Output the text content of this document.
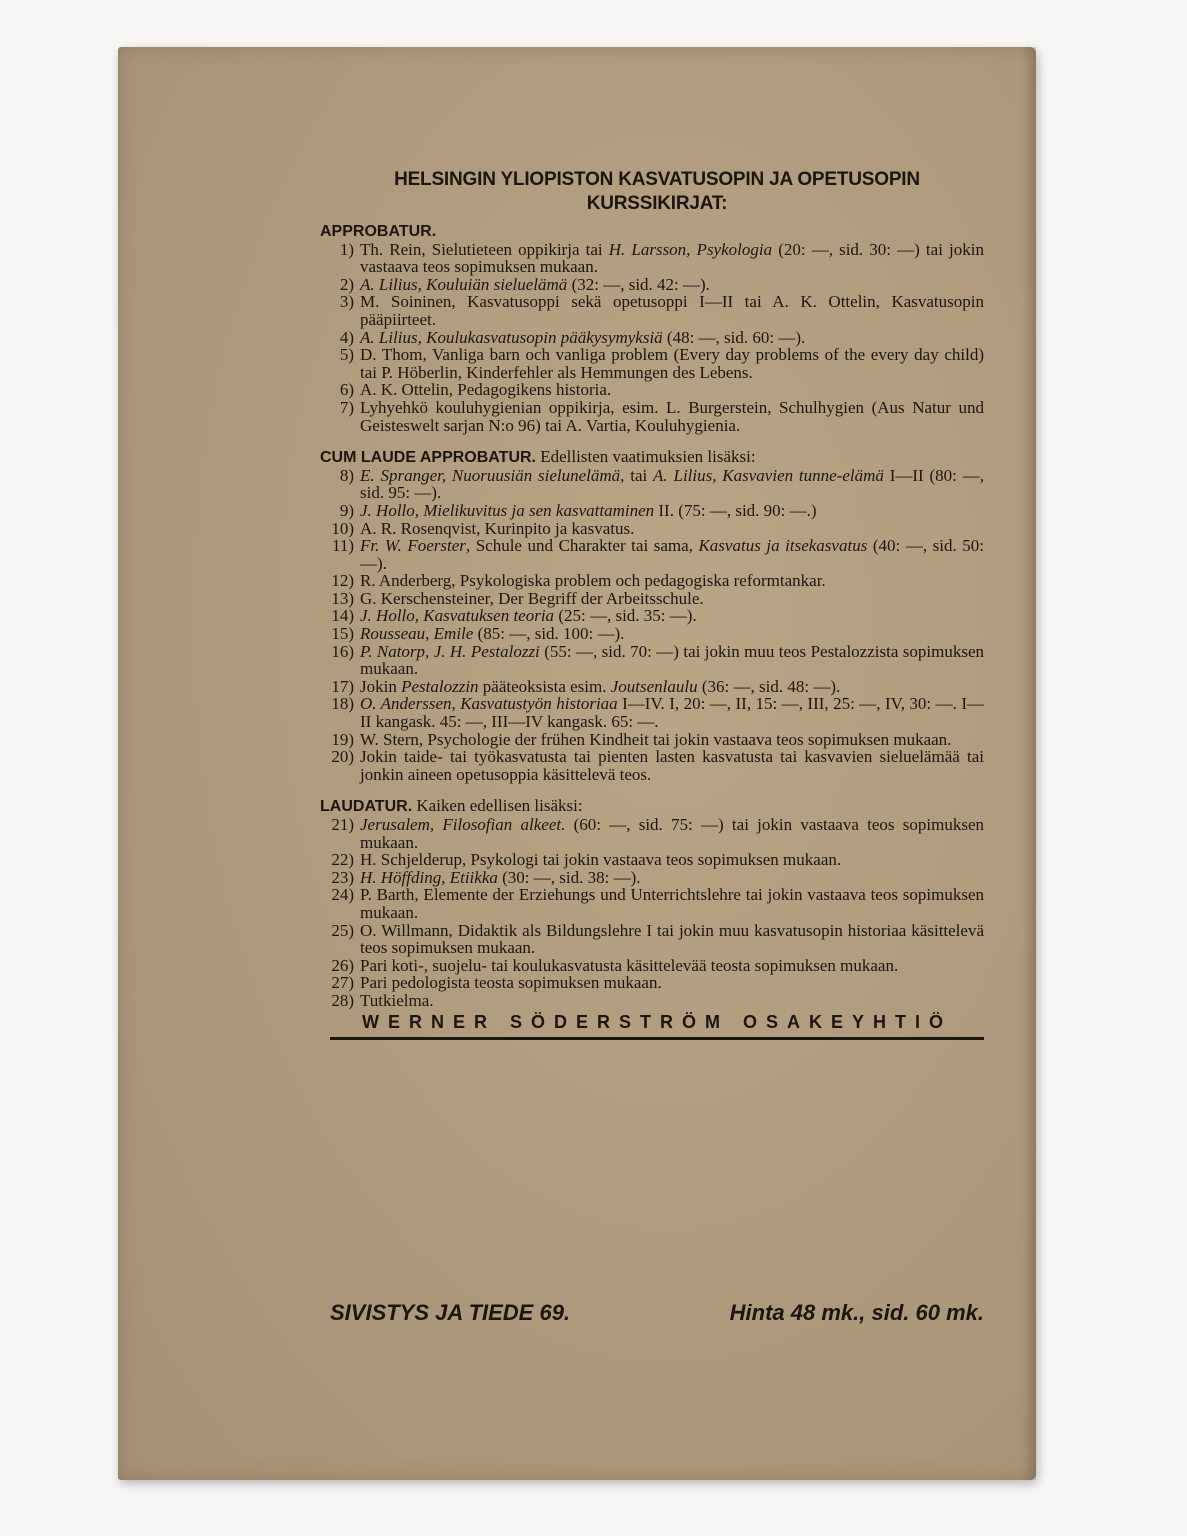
HELSINGIN YLIOPISTON KASVATUSOPIN JA OPETUSOPIN
KURSSIKIRJAT:
APPROBATUR.
1) Th. Rein, Sielutieteen oppikirja tai H. Larsson, Psykologia (20: —, sid. 30: —) tai jokin vastaava teos sopimuksen mukaan.
2) A. Lilius, Kouluiän sieluelämä (32: —, sid. 42: —).
3) M. Soininen, Kasvatusoppi sekä opetusoppi I—II tai A. K. Ottelin, Kasvatusopin pääpiirteet.
4) A. Lilius, Koulukasvatusopin pääkysymyksiä (48: —, sid. 60: —).
5) D. Thom, Vanliga barn och vanliga problem (Every day problems of the every day child) tai P. Höberlin, Kinderfehler als Hemmungen des Lebens.
6) A. K. Ottelin, Pedagogikens historia.
7) Lyhyehkö kouluhygienian oppikirja, esim. L. Burgerstein, Schulhygien (Aus Natur und Geisteswelt sarjan N:o 96) tai A. Vartia, Kouluhygienia.
CUM LAUDE APPROBATUR. Edellisten vaatimuksien lisäksi:
8) E. Spranger, Nuoruusiän sielunelämä, tai A. Lilius, Kasvavien tunne-elämä I—II (80: —, sid. 95: —).
9) J. Hollo, Mielikuvitus ja sen kasvattaminen II. (75: —, sid. 90: —.)
10) A. R. Rosenqvist, Kurinpito ja kasvatus.
11) Fr. W. Foerster, Schule und Charakter tai sama, Kasvatus ja itsekasvatus (40: —, sid. 50: —).
12) R. Anderberg, Psykologiska problem och pedagogiska reformtankar.
13) G. Kerschensteiner, Der Begriff der Arbeitsschule.
14) J. Hollo, Kasvatuksen teoria (25: —, sid. 35: —).
15) Rousseau, Emile (85: —, sid. 100: —).
16) P. Natorp, J. H. Pestalozzi (55: —, sid. 70: —) tai jokin muu teos Pestalozzista sopimuksen mukaan.
17) Jokin Pestalozzin pääteoksista esim. Joutsenlaulu (36: —, sid. 48: —).
18) O. Anderssen, Kasvatustyön historiaa I—IV. I, 20: —, II, 15: —, III, 25: —, IV, 30: —. I—II kangask. 45: —, III—IV kangask. 65: —.
19) W. Stern, Psychologie der frühen Kindheit tai jokin vastaava teos sopimuksen mukaan.
20) Jokin taide- tai työkasvatusta tai pienten lasten kasvatusta tai kasvavien sieluelämää tai jonkin aineen opetusoppia käsittelevä teos.
LAUDATUR. Kaiken edellisen lisäksi:
21) Jerusalem, Filosofian alkeet. (60: —, sid. 75: —) tai jokin vastaava teos sopimuksen mukaan.
22) H. Schjelderup, Psykologi tai jokin vastaava teos sopimuksen mukaan.
23) H. Höffding, Etiikka (30: —, sid. 38: —).
24) P. Barth, Elemente der Erziehungs und Unterrichtslehre tai jokin vastaava teos sopimuksen mukaan.
25) O. Willmann, Didaktik als Bildungslehre I tai jokin muu kasvatusopin historiaa käsittelevä teos sopimuksen mukaan.
26) Pari koti-, suojelu- tai koulukasvatusta käsittelevää teosta sopimuksen mukaan.
27) Pari pedologista teosta sopimuksen mukaan.
28) Tutkielma.
WERNER SÖDERSTRÖM OSAKEYHTIÖ
SIVISTYS JA TIEDE 69.	Hinta 48 mk., sid. 60 mk.
